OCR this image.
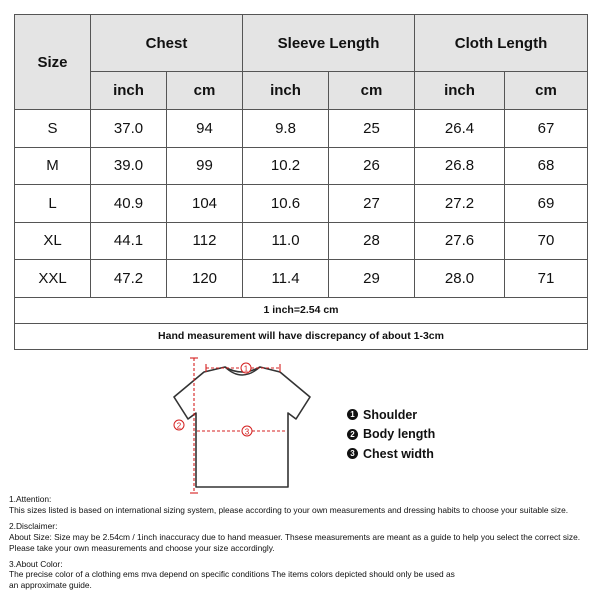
Size	Chest		Sleeve Length		Cloth Length	
	inch	cm	inch	cm	inch	cm
S	37.0	94	9.8	25	26.4	67
M	39.0	99	10.2	26	26.8	68
L	40.9	104	10.6	27	27.2	69
XL	44.1	112	11.0	28	27.6	70
XXL	47.2	120	11.4	29	28.0	71
1 inch=2.54 cm						
Hand measurement will have discrepancy of about 1-3cm						
1
2
3
1 Shoulder
2 Body length
3 Chest width

1.Attention:

This sizes listed is based on international sizing system, please according to your own measurements and dressing habits to choose your suitable size.

2.Disclaimer:

About Size: Size may be 2.54cm / 1inch inaccuracy due to hand measuer. Thsese measurements are meant as a guide to help you select the correct size.

Please take your own measurements and choose your size accordingly.

3.About Color:

The precise color of a clothing ems mva depend on specific conditions The items colors depicted should only be used as

an approximate guide.
